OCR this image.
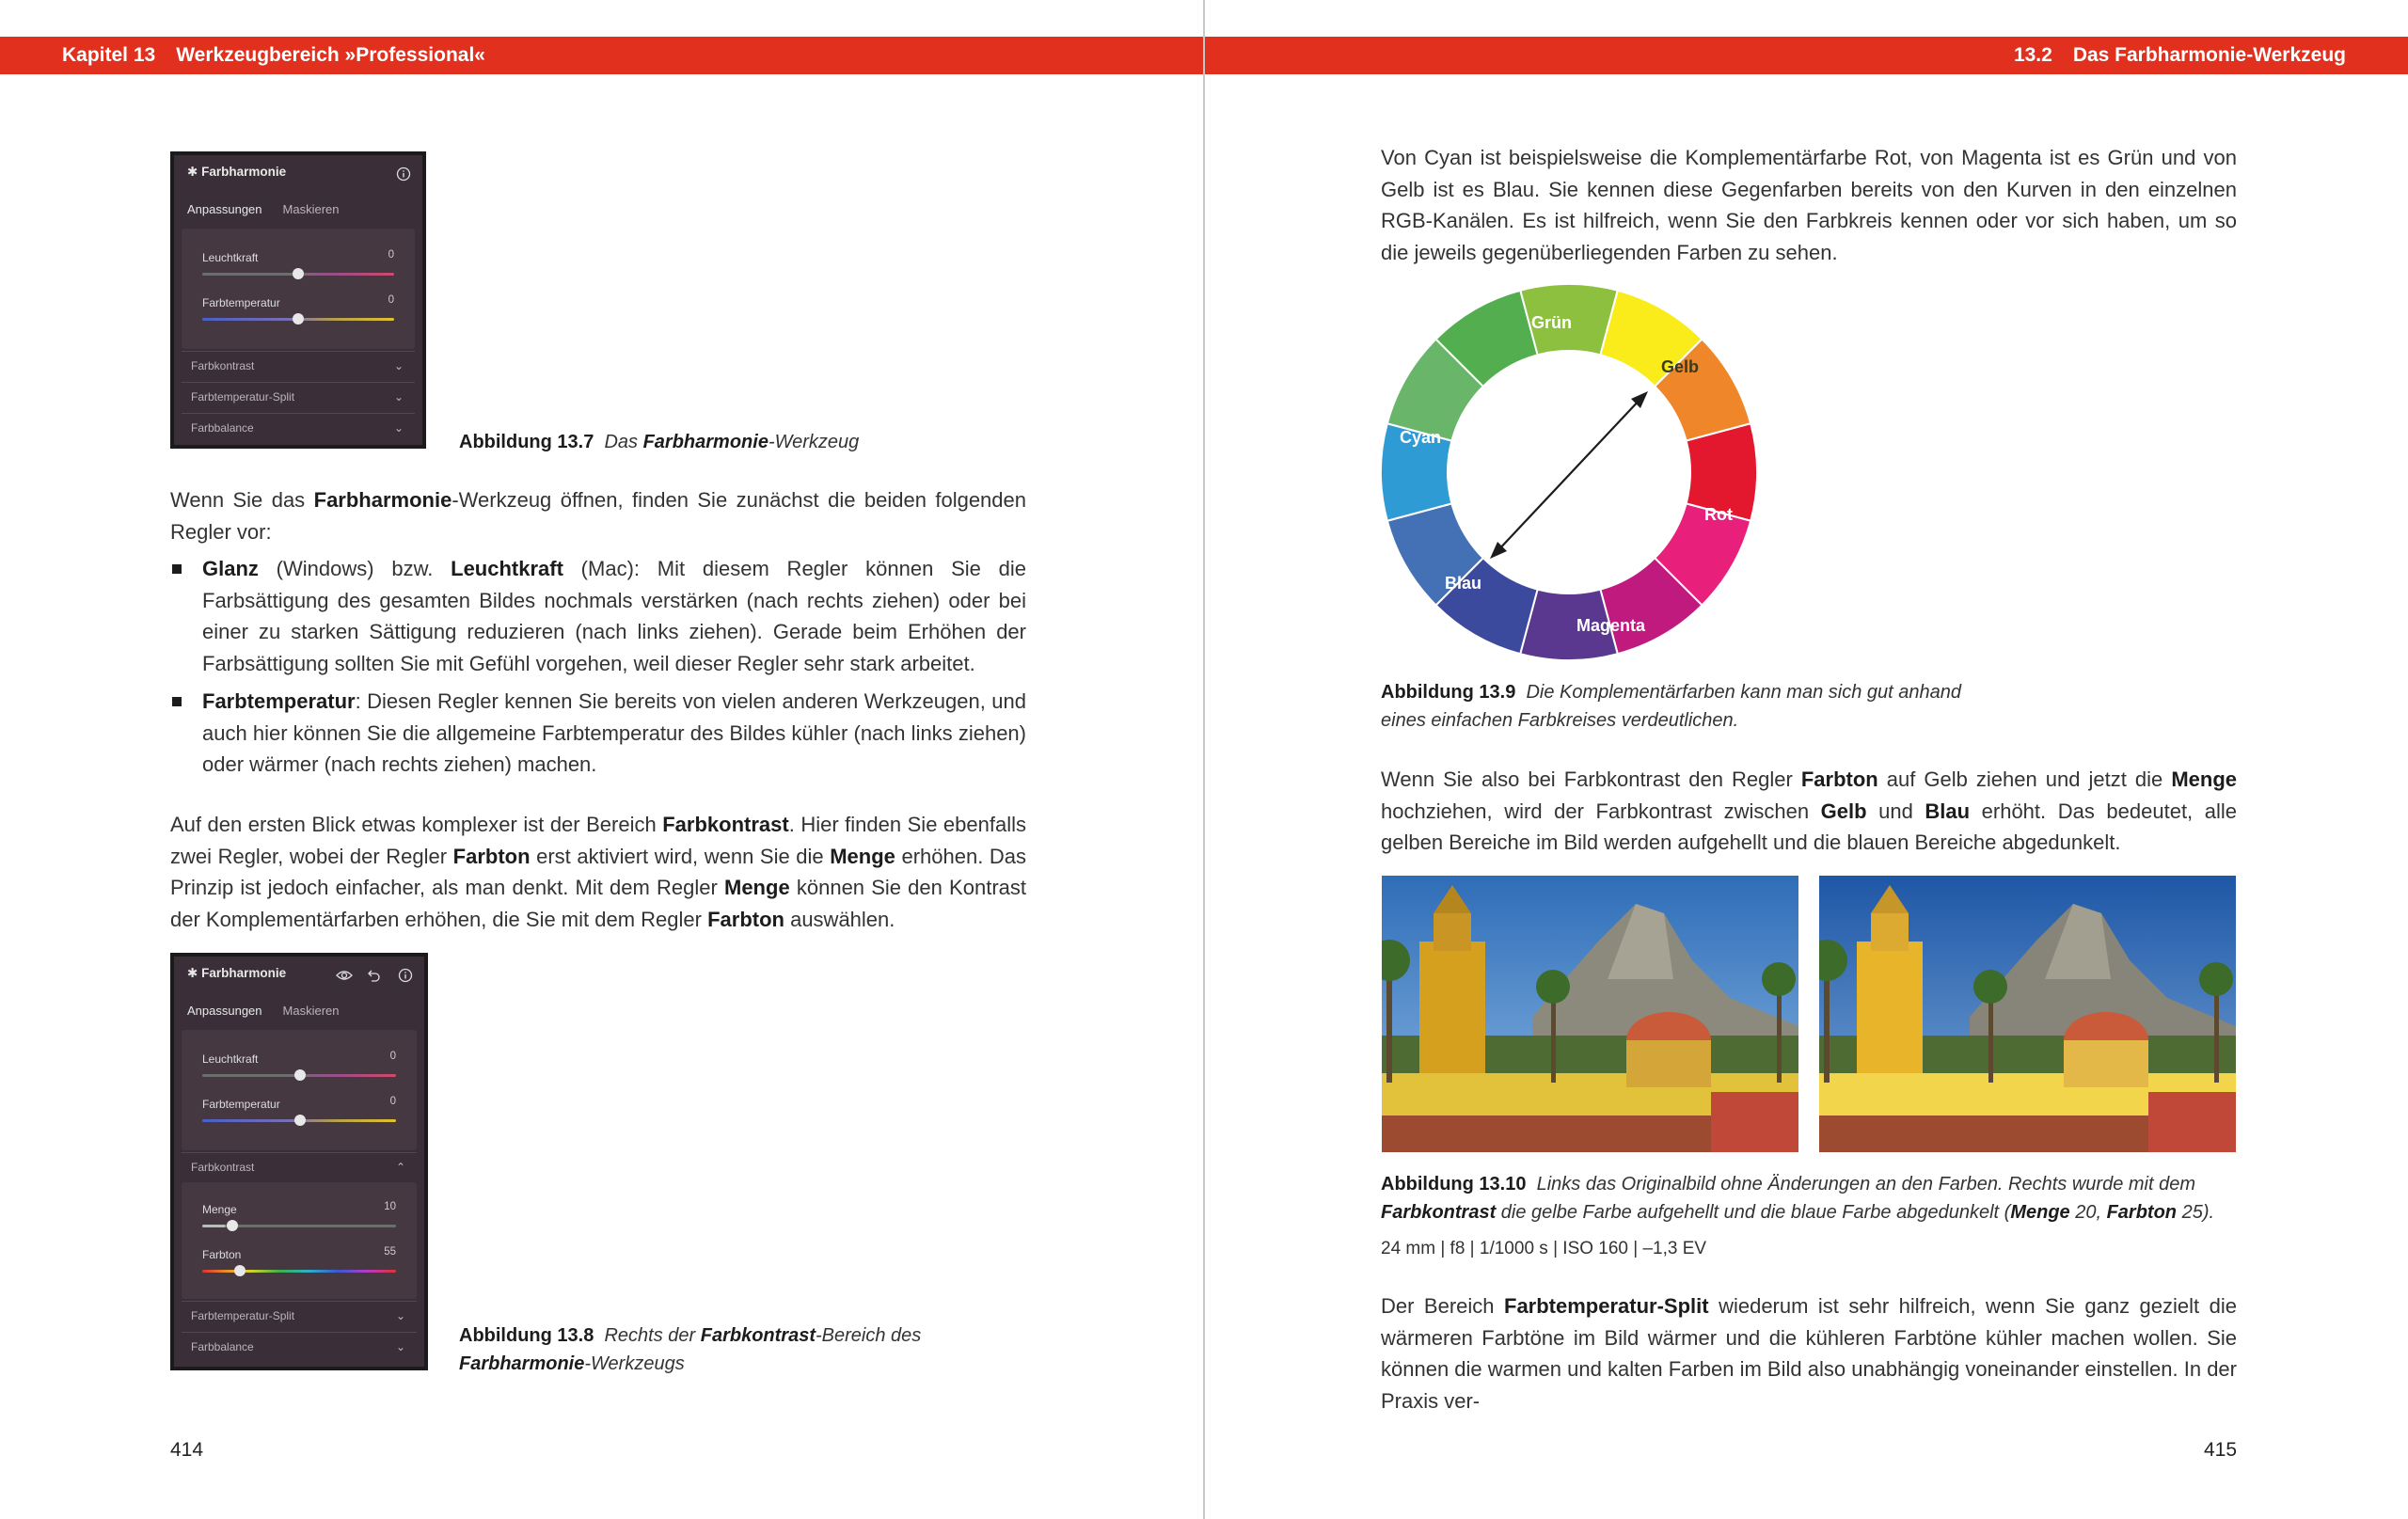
Kapitel 13 Werkzeugbereich »Professional«	13.2 Das Farbharmonie-Werkzeug
✱ Farbharmonie
Anpassungen Maskieren
Leuchtkraft	0
Farbtemperatur	0
Farbkontrast	⌄
Farbtemperatur-Split	⌄
Farbbalance	⌄
Abbildung 13.7 Das Farbharmonie-Werkzeug
Wenn Sie das Farbharmonie-Werkzeug öffnen, finden Sie zunächst die beiden folgenden Regler vor:
Glanz (Windows) bzw. Leuchtkraft (Mac): Mit diesem Regler können Sie die Farbsättigung des gesamten Bildes nochmals verstärken (nach rechts ziehen) oder bei einer zu starken Sättigung reduzieren (nach links ziehen). Gerade beim Erhöhen der Farbsättigung sollten Sie mit Gefühl vorgehen, weil dieser Regler sehr stark arbeitet.
Farbtemperatur: Diesen Regler kennen Sie bereits von vielen anderen Werkzeugen, und auch hier können Sie die allgemeine Farbtemperatur des Bildes kühler (nach links ziehen) oder wärmer (nach rechts ziehen) machen.
Auf den ersten Blick etwas komplexer ist der Bereich Farbkontrast. Hier finden Sie ebenfalls zwei Regler, wobei der Regler Farbton erst aktiviert wird, wenn Sie die Menge erhöhen. Das Prinzip ist jedoch einfacher, als man denkt. Mit dem Regler Menge können Sie den Kontrast der Komplementärfarben erhöhen, die Sie mit dem Regler Farbton auswählen.
✱ Farbharmonie
Anpassungen Maskieren
Leuchtkraft	0
Farbtemperatur	0
Farbkontrast	⌃
Menge	10
Farbton	55
Farbtemperatur-Split	⌄
Farbbalance	⌄
Abbildung 13.8 Rechts der Farbkontrast-Bereich des Farbharmonie-Werkzeugs
414
Von Cyan ist beispielsweise die Komplementärfarbe Rot, von Magenta ist es Grün und von Gelb ist es Blau. Sie kennen diese Gegenfarben bereits von den Kurven in den einzelnen RGB-Kanälen. Es ist hilfreich, wenn Sie den Farbkreis kennen oder vor sich haben, um so die jeweils gegenüberliegenden Farben zu sehen.
Grün
Gelb
Cyan
Rot
Blau
Magenta
Abbildung 13.9 Die Komplementärfarben kann man sich gut anhand eines einfachen Farbkreises verdeutlichen.
Wenn Sie also bei Farbkontrast den Regler Farbton auf Gelb ziehen und jetzt die Menge hochziehen, wird der Farbkontrast zwischen Gelb und Blau erhöht. Das bedeutet, alle gelben Bereiche im Bild werden aufgehellt und die blauen Bereiche abgedunkelt.
Abbildung 13.10 Links das Originalbild ohne Änderungen an den Farben. Rechts wurde mit dem Farbkontrast die gelbe Farbe aufgehellt und die blaue Farbe abgedunkelt (Menge 20, Farbton 25).
24 mm | f8 | 1/1000 s | ISO 160 | –1,3 EV
Der Bereich Farbtemperatur-Split wiederum ist sehr hilfreich, wenn Sie ganz gezielt die wärmeren Farbtöne im Bild wärmer und die kühleren Farbtöne kühler machen wollen. Sie können die warmen und kalten Farben im Bild also unabhängig voneinander einstellen. In der Praxis ver-
415
